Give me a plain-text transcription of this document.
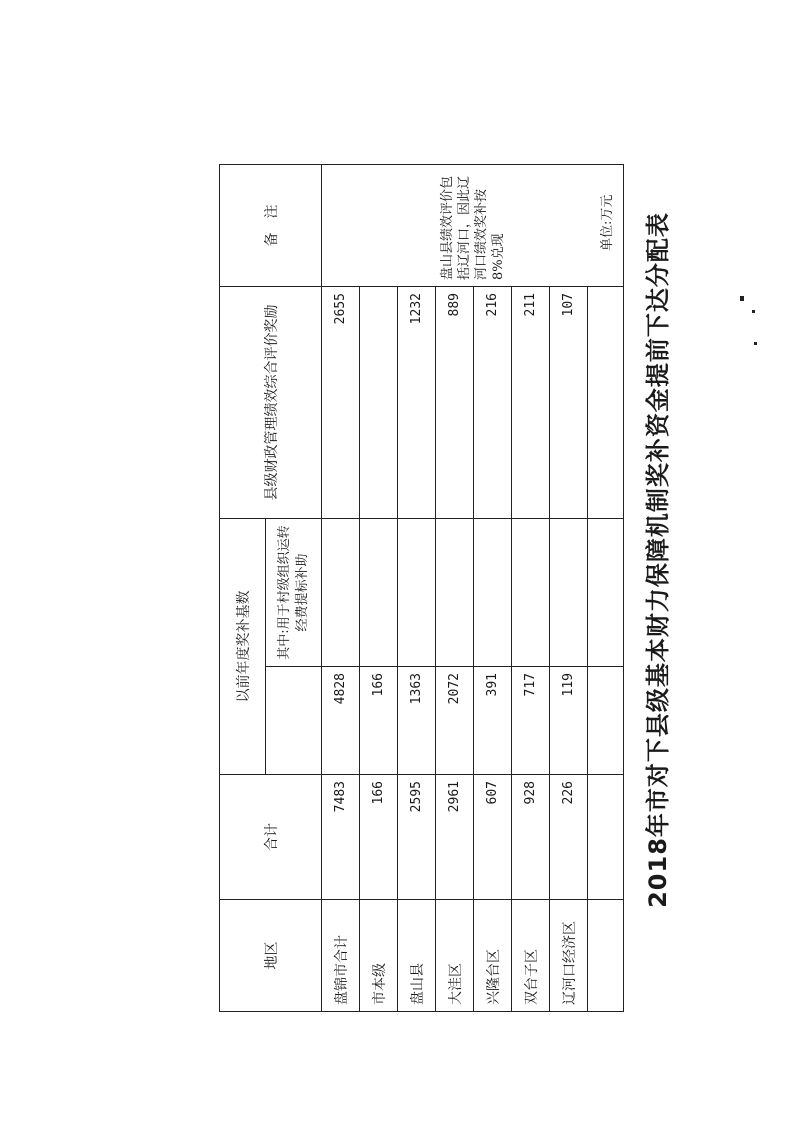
2018年市对下县级基本财力保障机制奖补资金提前下达分配表
单位:万元
地区	合计	以前年度奖补基数		县级财政管理绩效综合评价奖励	备　注
			其中:用于村级组织运转经费提标补助		
盘锦市合计	7483	4828		2655	盘山县绩效评价包括辽河口，因此辽河口绩效奖补按8%兑现

市本级	166	166			
盘山县	2595	1363		1232	
大洼区	2961	2072		889	
兴隆台区	607	391		216	
双台子区	928	717		211	
辽河口经济区	226	119		107	
